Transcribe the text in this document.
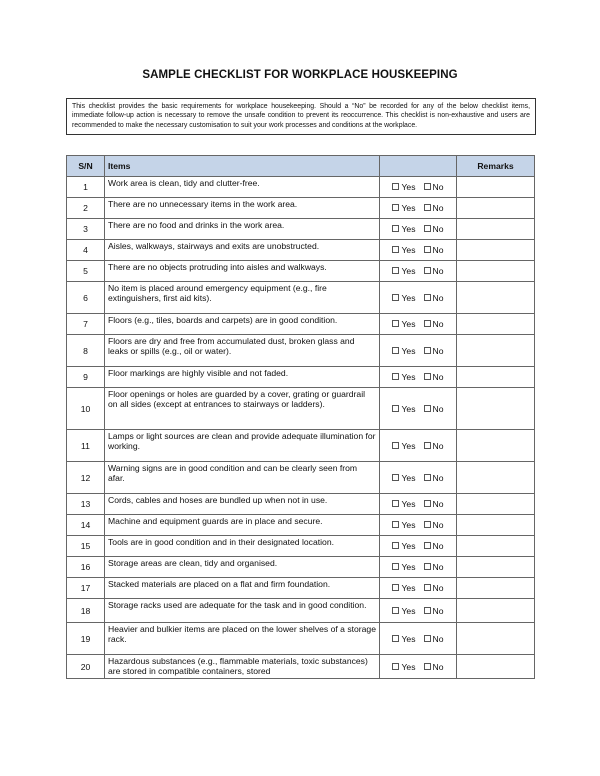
SAMPLE CHECKLIST FOR WORKPLACE HOUSKEEPING
This checklist provides the basic requirements for workplace housekeeping. Should a “No” be recorded for any of the below checklist items, immediate follow-up action is necessary to remove the unsafe condition to prevent its reoccurrence. This checklist is non-exhaustive and users are recommended to make the necessary customisation to suit your work processes and conditions at the workplace.
S/N	Items		Remarks
1	Work area is clean, tidy and clutter-free.	Yes No	
2	There are no unnecessary items in the work area.	Yes No	
3	There are no food and drinks in the work area.	Yes No	
4	Aisles, walkways, stairways and exits are unobstructed.	Yes No	
5	There are no objects protruding into aisles and walkways.	Yes No	
6	No item is placed around emergency equipment (e.g., fire extinguishers, first aid kits).	Yes No	
7	Floors (e.g., tiles, boards and carpets) are in good condition.	Yes No	
8	Floors are dry and free from accumulated dust, broken glass and leaks or spills (e.g., oil or water).	Yes No	
9	Floor markings are highly visible and not faded.	Yes No	
10	Floor openings or holes are guarded by a cover, grating or guardrail on all sides (except at entrances to stairways or ladders).	Yes No	
11	Lamps or light sources are clean and provide adequate illumination for working.	Yes No	
12	Warning signs are in good condition and can be clearly seen from afar.	Yes No	
13	Cords, cables and hoses are bundled up when not in use.	Yes No	
14	Machine and equipment guards are in place and secure.	Yes No	
15	Tools are in good condition and in their designated location.	Yes No	
16	Storage areas are clean, tidy and organised.	Yes No	
17	Stacked materials are placed on a flat and firm foundation.	Yes No	
18	Storage racks used are adequate for the task and in good condition.	Yes No	
19	Heavier and bulkier items are placed on the lower shelves of a storage rack.	Yes No	
20	Hazardous substances (e.g., flammable materials, toxic substances) are stored in compatible containers, stored	Yes No	
